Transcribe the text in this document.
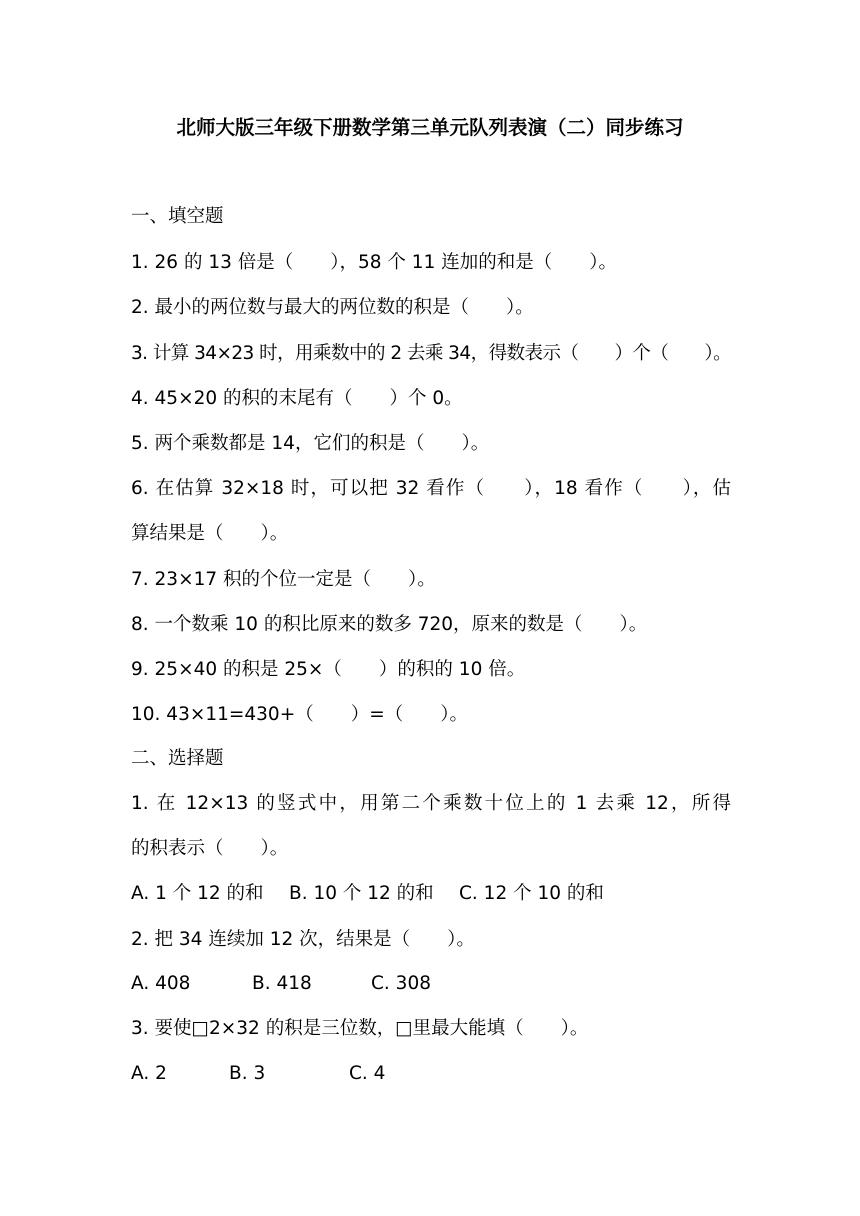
北师大版三年级下册数学第三单元队列表演（二）同步练习
一、填空题
1. 26 的 13 倍是（　　），58 个 11 连加的和是（　　）。
2. 最小的两位数与最大的两位数的积是（　　）。
3. 计算 34×23 时，用乘数中的 2 去乘 34，得数表示（　　）个（　　）。
4. 45×20 的积的末尾有（　　）个 0。
5. 两个乘数都是 14，它们的积是（　　）。
6. 在估算 32×18 时，可以把 32 看作（　　），18 看作（　　），估
算结果是（　　）。
7. 23×17 积的个位一定是（　　）。
8. 一个数乘 10 的积比原来的数多 720，原来的数是（　　）。
9. 25×40 的积是 25×（　　）的积的 10 倍。
10. 43×11=430+（　　）=（　　）。
二、选择题
1. 在 12×13 的竖式中，用第二个乘数十位上的 1 去乘 12，所得
的积表示（　　）。
A. 1 个 12 的和 B. 10 个 12 的和 C. 12 个 10 的和
2. 把 34 连续加 12 次，结果是（　　）。
A. 408	B. 418	C. 308
3. 要使□2×32 的积是三位数，□里最大能填（　　）。
A. 2	B. 3	C. 4
